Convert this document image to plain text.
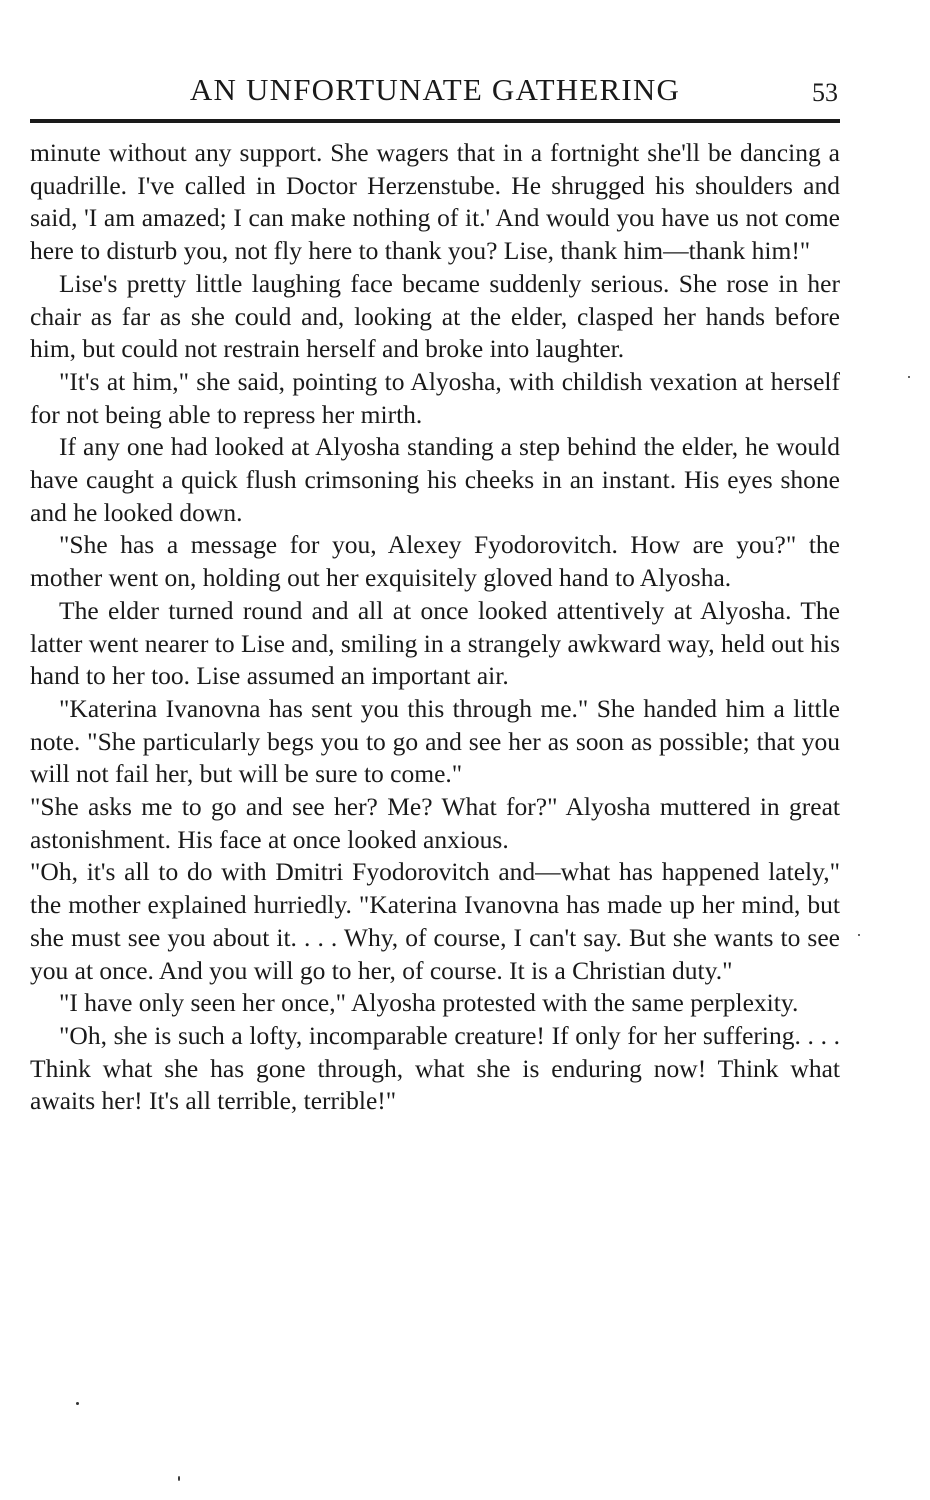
AN UNFORTUNATE GATHERING	53

minute without any support. She wagers that in a fortnight she'll be dancing a quadrille. I've called in Doctor Herzenstube. He shrugged his shoulders and said, 'I am amazed; I can make nothing of it.' And would you have us not come here to disturb you, not fly here to thank you? Lise, thank him—thank him!"

Lise's pretty little laughing face became suddenly serious. She rose in her chair as far as she could and, looking at the elder, clasped her hands before him, but could not restrain herself and broke into laughter.

"It's at him," she said, pointing to Alyosha, with childish vexation at herself for not being able to repress her mirth.

If any one had looked at Alyosha standing a step behind the elder, he would have caught a quick flush crimsoning his cheeks in an instant. His eyes shone and he looked down.

"She has a message for you, Alexey Fyodorovitch. How are you?" the mother went on, holding out her exquisitely gloved hand to Alyosha.

The elder turned round and all at once looked attentively at Alyosha. The latter went nearer to Lise and, smiling in a strangely awkward way, held out his hand to her too. Lise assumed an important air.

"Katerina Ivanovna has sent you this through me." She handed him a little note. "She particularly begs you to go and see her as soon as possible; that you will not fail her, but will be sure to come."

"She asks me to go and see her? Me? What for?" Alyosha muttered in great astonishment. His face at once looked anxious.

"Oh, it's all to do with Dmitri Fyodorovitch and—what has happened lately," the mother explained hurriedly. "Katerina Ivanovna has made up her mind, but she must see you about it. . . . Why, of course, I can't say. But she wants to see you at once. And you will go to her, of course. It is a Christian duty."

"I have only seen her once," Alyosha protested with the same perplexity.

"Oh, she is such a lofty, incomparable creature! If only for her suffering. . . . Think what she has gone through, what she is enduring now! Think what awaits her! It's all terrible, terrible!"
